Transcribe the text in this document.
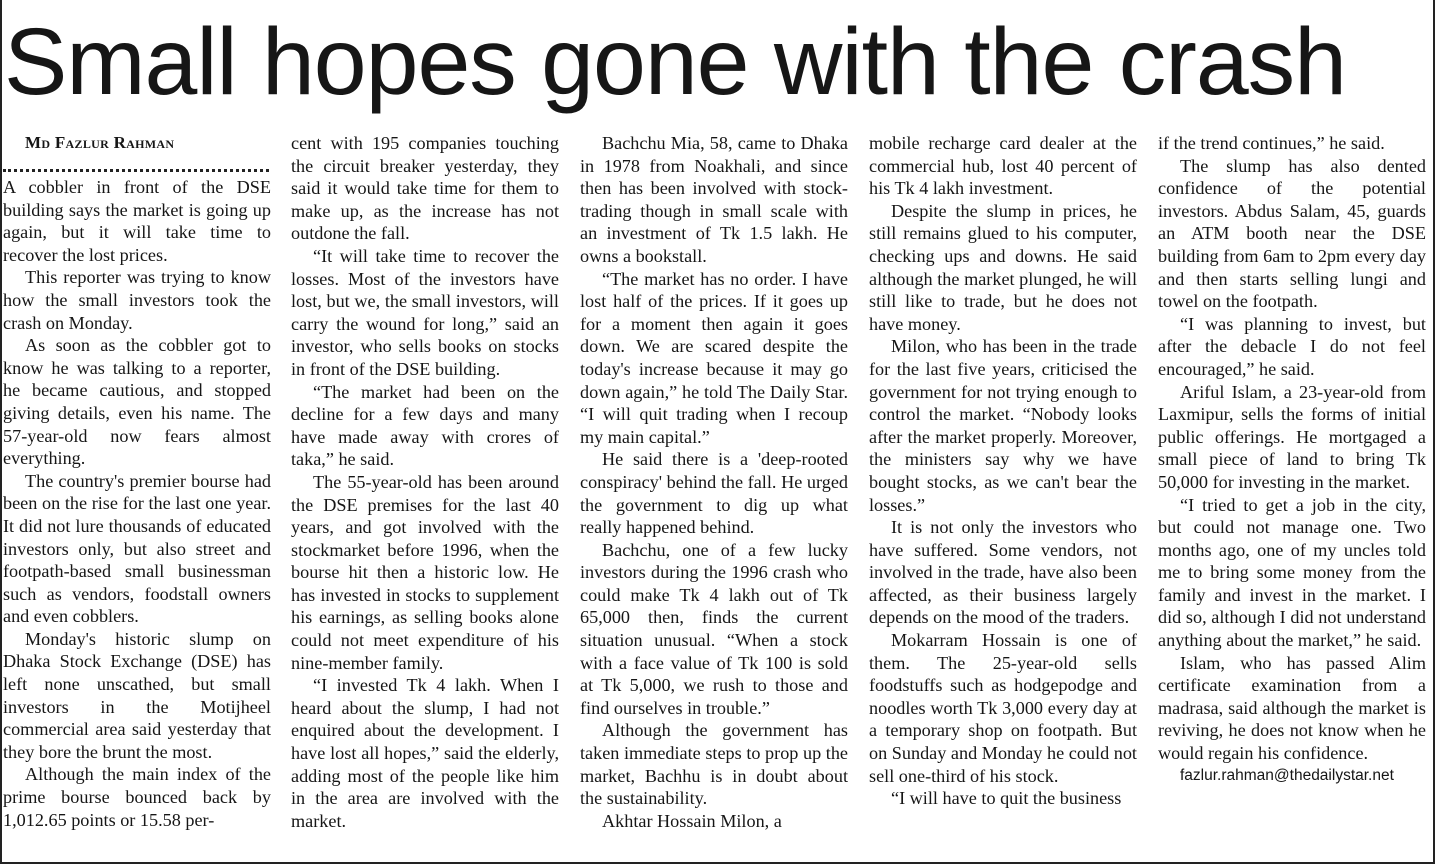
Small hopes gone with the crash

Md Fazlur Rahman

A cobbler in front of the DSE building says the market is going up again, but it will take time to recover the lost prices.

This reporter was trying to know how the small investors took the crash on Monday.

As soon as the cobbler got to know he was talking to a reporter, he became cautious, and stopped giving details, even his name. The 57-year-old now fears almost everything.

The country's premier bourse had been on the rise for the last one year. It did not lure thousands of educated investors only, but also street and footpath-based small businessman such as vendors, foodstall owners and even cobblers.

Monday's historic slump on Dhaka Stock Exchange (DSE) has left none unscathed, but small investors in the Motijheel commercial area said yesterday that they bore the brunt the most.

Although the main index of the prime bourse bounced back by 1,012.65 points or 15.58 per-

cent with 195 companies touching the circuit breaker yesterday, they said it would take time for them to make up, as the increase has not outdone the fall.

“It will take time to recover the losses. Most of the investors have lost, but we, the small investors, will carry the wound for long,” said an investor, who sells books on stocks in front of the DSE building.

“The market had been on the decline for a few days and many have made away with crores of taka,” he said.

The 55-year-old has been around the DSE premises for the last 40 years, and got involved with the stockmarket before 1996, when the bourse hit then a historic low. He has invested in stocks to supplement his earnings, as selling books alone could not meet expenditure of his nine-member family.

“I invested Tk 4 lakh. When I heard about the slump, I had not enquired about the development. I have lost all hopes,” said the elderly, adding most of the people like him in the area are involved with the market.

Bachchu Mia, 58, came to Dhaka in 1978 from Noakhali, and since then has been involved with stock-trading though in small scale with an investment of Tk 1.5 lakh. He owns a bookstall.

“The market has no order. I have lost half of the prices. If it goes up for a moment then again it goes down. We are scared despite the today's increase because it may go down again,” he told The Daily Star. “I will quit trading when I recoup my main capital.”

He said there is a 'deep-rooted conspiracy' behind the fall. He urged the government to dig up what really happened behind.

Bachchu, one of a few lucky investors during the 1996 crash who could make Tk 4 lakh out of Tk 65,000 then, finds the current situation unusual. “When a stock with a face value of Tk 100 is sold at Tk 5,000, we rush to those and find ourselves in trouble.”

Although the government has taken immediate steps to prop up the market, Bachhu is in doubt about the sustainability.

Akhtar Hossain Milon, a

mobile recharge card dealer at the commercial hub, lost 40 percent of his Tk 4 lakh investment.

Despite the slump in prices, he still remains glued to his computer, checking ups and downs. He said although the market plunged, he will still like to trade, but he does not have money.

Milon, who has been in the trade for the last five years, criticised the government for not trying enough to control the market. “Nobody looks after the market properly. Moreover, the ministers say why we have bought stocks, as we can't bear the losses.”

It is not only the investors who have suffered. Some vendors, not involved in the trade, have also been affected, as their business largely depends on the mood of the traders.

Mokarram Hossain is one of them. The 25-year-old sells foodstuffs such as hodgepodge and noodles worth Tk 3,000 every day at a temporary shop on footpath. But on Sunday and Monday he could not sell one-third of his stock.

“I will have to quit the business

if the trend continues,” he said.

The slump has also dented confidence of the potential investors. Abdus Salam, 45, guards an ATM booth near the DSE building from 6am to 2pm every day and then starts selling lungi and towel on the footpath.

“I was planning to invest, but after the debacle I do not feel encouraged,” he said.

Ariful Islam, a 23-year-old from Laxmipur, sells the forms of initial public offerings. He mortgaged a small piece of land to bring Tk 50,000 for investing in the market.

“I tried to get a job in the city, but could not manage one. Two months ago, one of my uncles told me to bring some money from the family and invest in the market. I did so, although I did not understand anything about the market,” he said.

Islam, who has passed Alim certificate examination from a madrasa, said although the market is reviving, he does not know when he would regain his confidence.

fazlur.rahman@thedailystar.net
